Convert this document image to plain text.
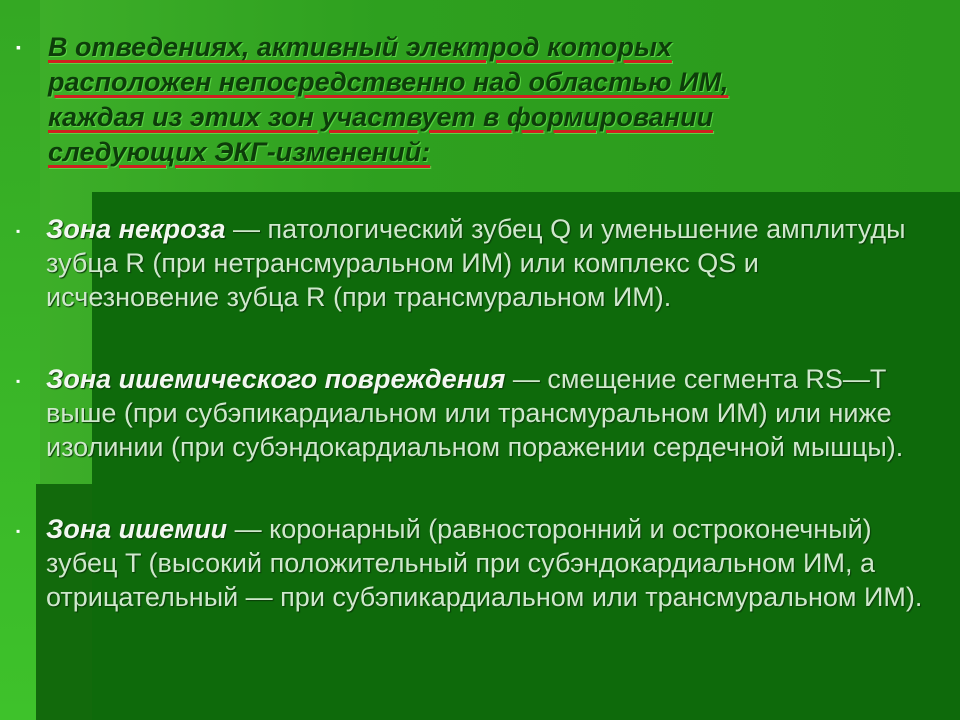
▪	В отведениях, активный электрод которых
расположен непосредственно над областью ИМ,
каждая из этих зон участвует в формировании
следующих ЭКГ-изменений:

▪ Зона некроза — патологический зубец Q и уменьшение амплитуды зубца R (при нетрансмуральном ИМ) или комплекс QS и исчезновение зубца R (при трансмуральном ИМ).

▪ Зона ишемического повреждения — смещение сегмента RS—T выше (при субэпикардиальном или трансмуральном ИМ) или ниже изолинии (при субэндокардиальном поражении сердечной мышцы).

▪ Зона ишемии — коронарный (равносторонний и остроконечный) зубец T (высокий положительный при субэндокардиальном ИМ, а отрицательный — при субэпикардиальном или трансмуральном ИМ).
